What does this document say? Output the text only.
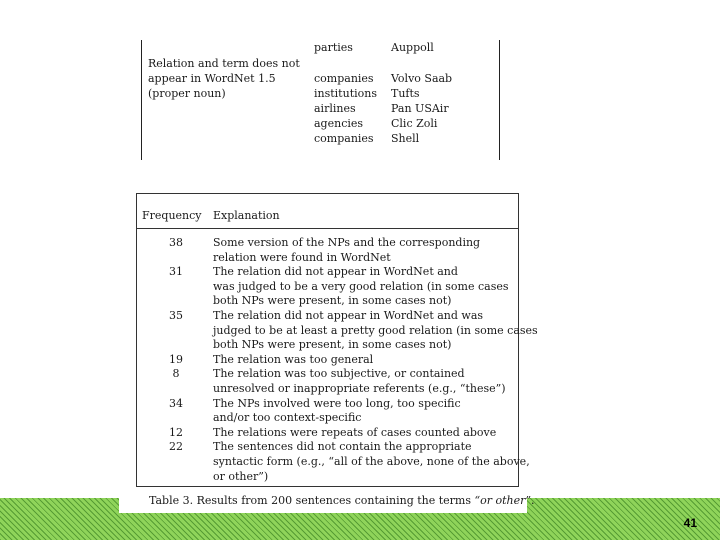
parties	Auppoll
Relation and term does not
appear in WordNet 1.5
(proper noun)
companies Volvo Saab
institutions Tufts
airlines	Pan USAir
agencies	Clic Zoli
companies Shell
Frequency Explanation
38	Some version of the NPs and the corresponding
relation were found in WordNet
31	The relation did not appear in WordNet and
was judged to be a very good relation (in some cases
both NPs were present, in some cases not)
35	The relation did not appear in WordNet and was
judged to be at least a pretty good relation (in some cases
both NPs were present, in some cases not)
19	The relation was too general
8	The relation was too subjective, or contained
unresolved or inappropriate referents (e.g., “these”)
34	The NPs involved were too long, too specific
and/or too context-specific
12	The relations were repeats of cases counted above
22	The sentences did not contain the appropriate
syntactic form (e.g., “all of the above, none of the above,
or other”)
Table 3. Results from 200 sentences containing the terms “or other”.
41
